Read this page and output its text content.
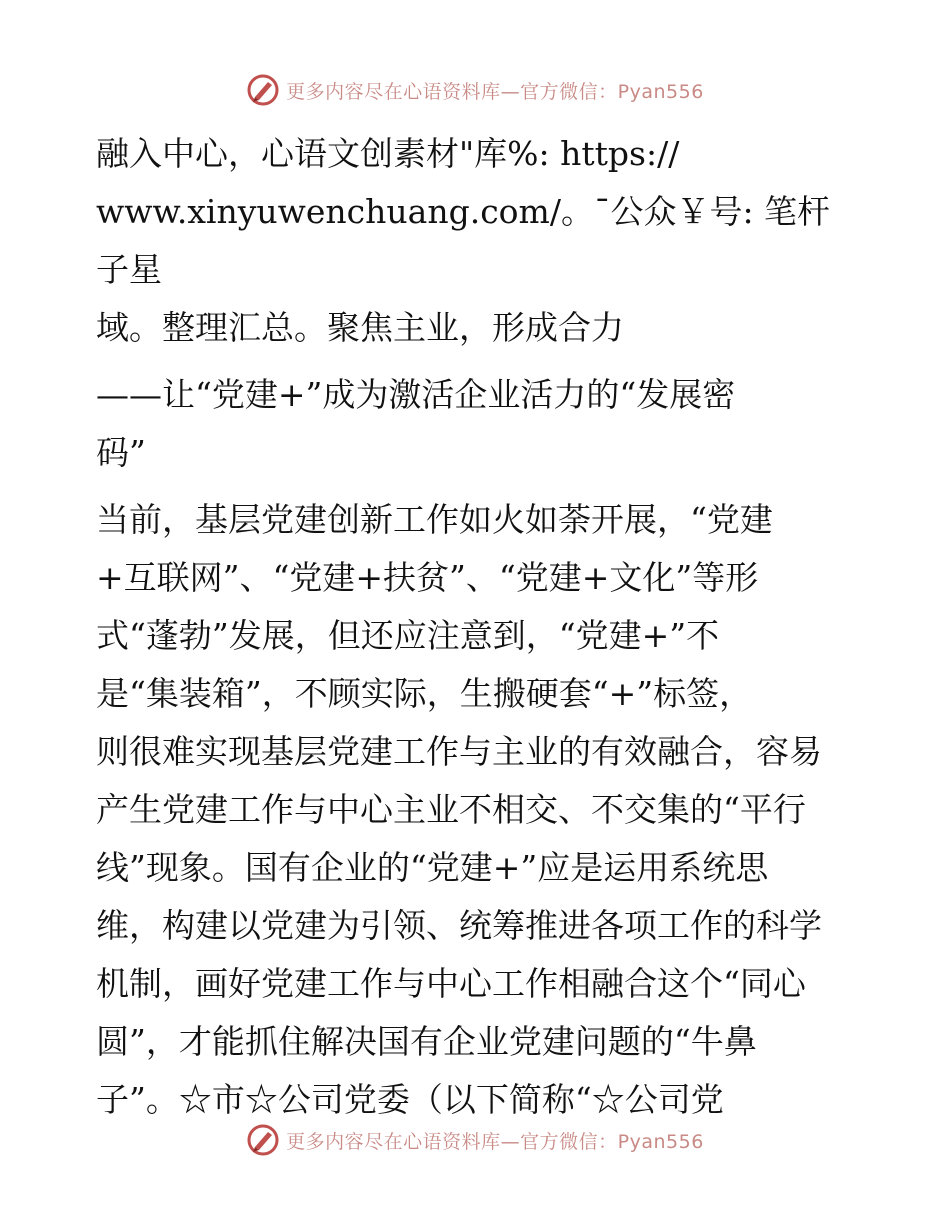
更多内容尽在心语资料库—官方微信：Pyan556

融入中心，心语文创素材"库%: https://
www.xinyuwenchuang.com/。¯公众￥号: 笔杆子星
域。整理汇总。聚焦主业，形成合力

——让“党建+”成为激活企业活力的“发展密
码”

当前，基层党建创新工作如火如荼开展，“党建
+互联网”、“党建+扶贫”、“党建+文化”等形
式“蓬勃”发展，但还应注意到，“党建+”不
是“集装箱”，不顾实际，生搬硬套“+”标签，
则很难实现基层党建工作与主业的有效融合，容易
产生党建工作与中心主业不相交、不交集的“平行
线”现象。国有企业的“党建+”应是运用系统思
维，构建以党建为引领、统筹推进各项工作的科学
机制，画好党建工作与中心工作相融合这个“同心
圆”，才能抓住解决国有企业党建问题的“牛鼻
子”。☆市☆公司党委（以下简称“☆公司党

更多内容尽在心语资料库—官方微信：Pyan556
